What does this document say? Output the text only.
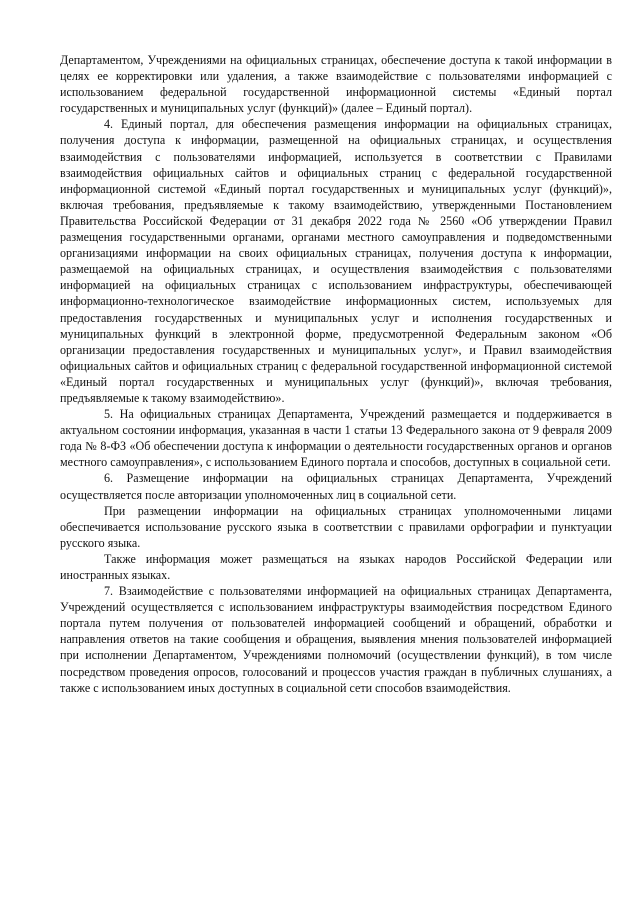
Департаментом, Учреждениями на официальных страницах, обеспечение доступа к такой информации в целях ее корректировки или удаления, а также взаимодействие с пользователями информацией с использованием федеральной государственной информационной системы «Единый портал государственных и муниципальных услуг (функций)» (далее – Единый портал).

4. Единый портал, для обеспечения размещения информации на официальных страницах, получения доступа к информации, размещенной на официальных страницах, и осуществления взаимодействия с пользователями информацией, используется в соответствии с Правилами взаимодействия официальных сайтов и официальных страниц с федеральной государственной информационной системой «Единый портал государственных и муниципальных услуг (функций)», включая требования, предъявляемые к такому взаимодействию, утвержденными Постановлением Правительства Российской Федерации от 31 декабря 2022 года № 2560 «Об утверждении Правил размещения государственными органами, органами местного самоуправления и подведомственными организациями информации на своих официальных страницах, получения доступа к информации, размещаемой на официальных страницах, и осуществления взаимодействия с пользователями информацией на официальных страницах с использованием инфраструктуры, обеспечивающей информационно-технологическое взаимодействие информационных систем, используемых для предоставления государственных и муниципальных услуг и исполнения государственных и муниципальных функций в электронной форме, предусмотренной Федеральным законом «Об организации предоставления государственных и муниципальных услуг», и Правил взаимодействия официальных сайтов и официальных страниц с федеральной государственной информационной системой «Единый портал государственных и муниципальных услуг (функций)», включая требования, предъявляемые к такому взаимодействию».

5. На официальных страницах Департамента, Учреждений размещается и поддерживается в актуальном состоянии информация, указанная в части 1 статьи 13 Федерального закона от 9 февраля 2009 года № 8-ФЗ «Об обеспечении доступа к информации о деятельности государственных органов и органов местного самоуправления», с использованием Единого портала и способов, доступных в социальной сети.

6. Размещение информации на официальных страницах Департамента, Учреждений осуществляется после авторизации уполномоченных лиц в социальной сети.

При размещении информации на официальных страницах уполномоченными лицами обеспечивается использование русского языка в соответствии с правилами орфографии и пунктуации русского языка.

Также информация может размещаться на языках народов Российской Федерации или иностранных языках.

7. Взаимодействие с пользователями информацией на официальных страницах Департамента, Учреждений осуществляется с использованием инфраструктуры взаимодействия посредством Единого портала путем получения от пользователей информацией сообщений и обращений, обработки и направления ответов на такие сообщения и обращения, выявления мнения пользователей информацией при исполнении Департаментом, Учреждениями полномочий (осуществлении функций), в том числе посредством проведения опросов, голосований и процессов участия граждан в публичных слушаниях, а также с использованием иных доступных в социальной сети способов взаимодействия.
